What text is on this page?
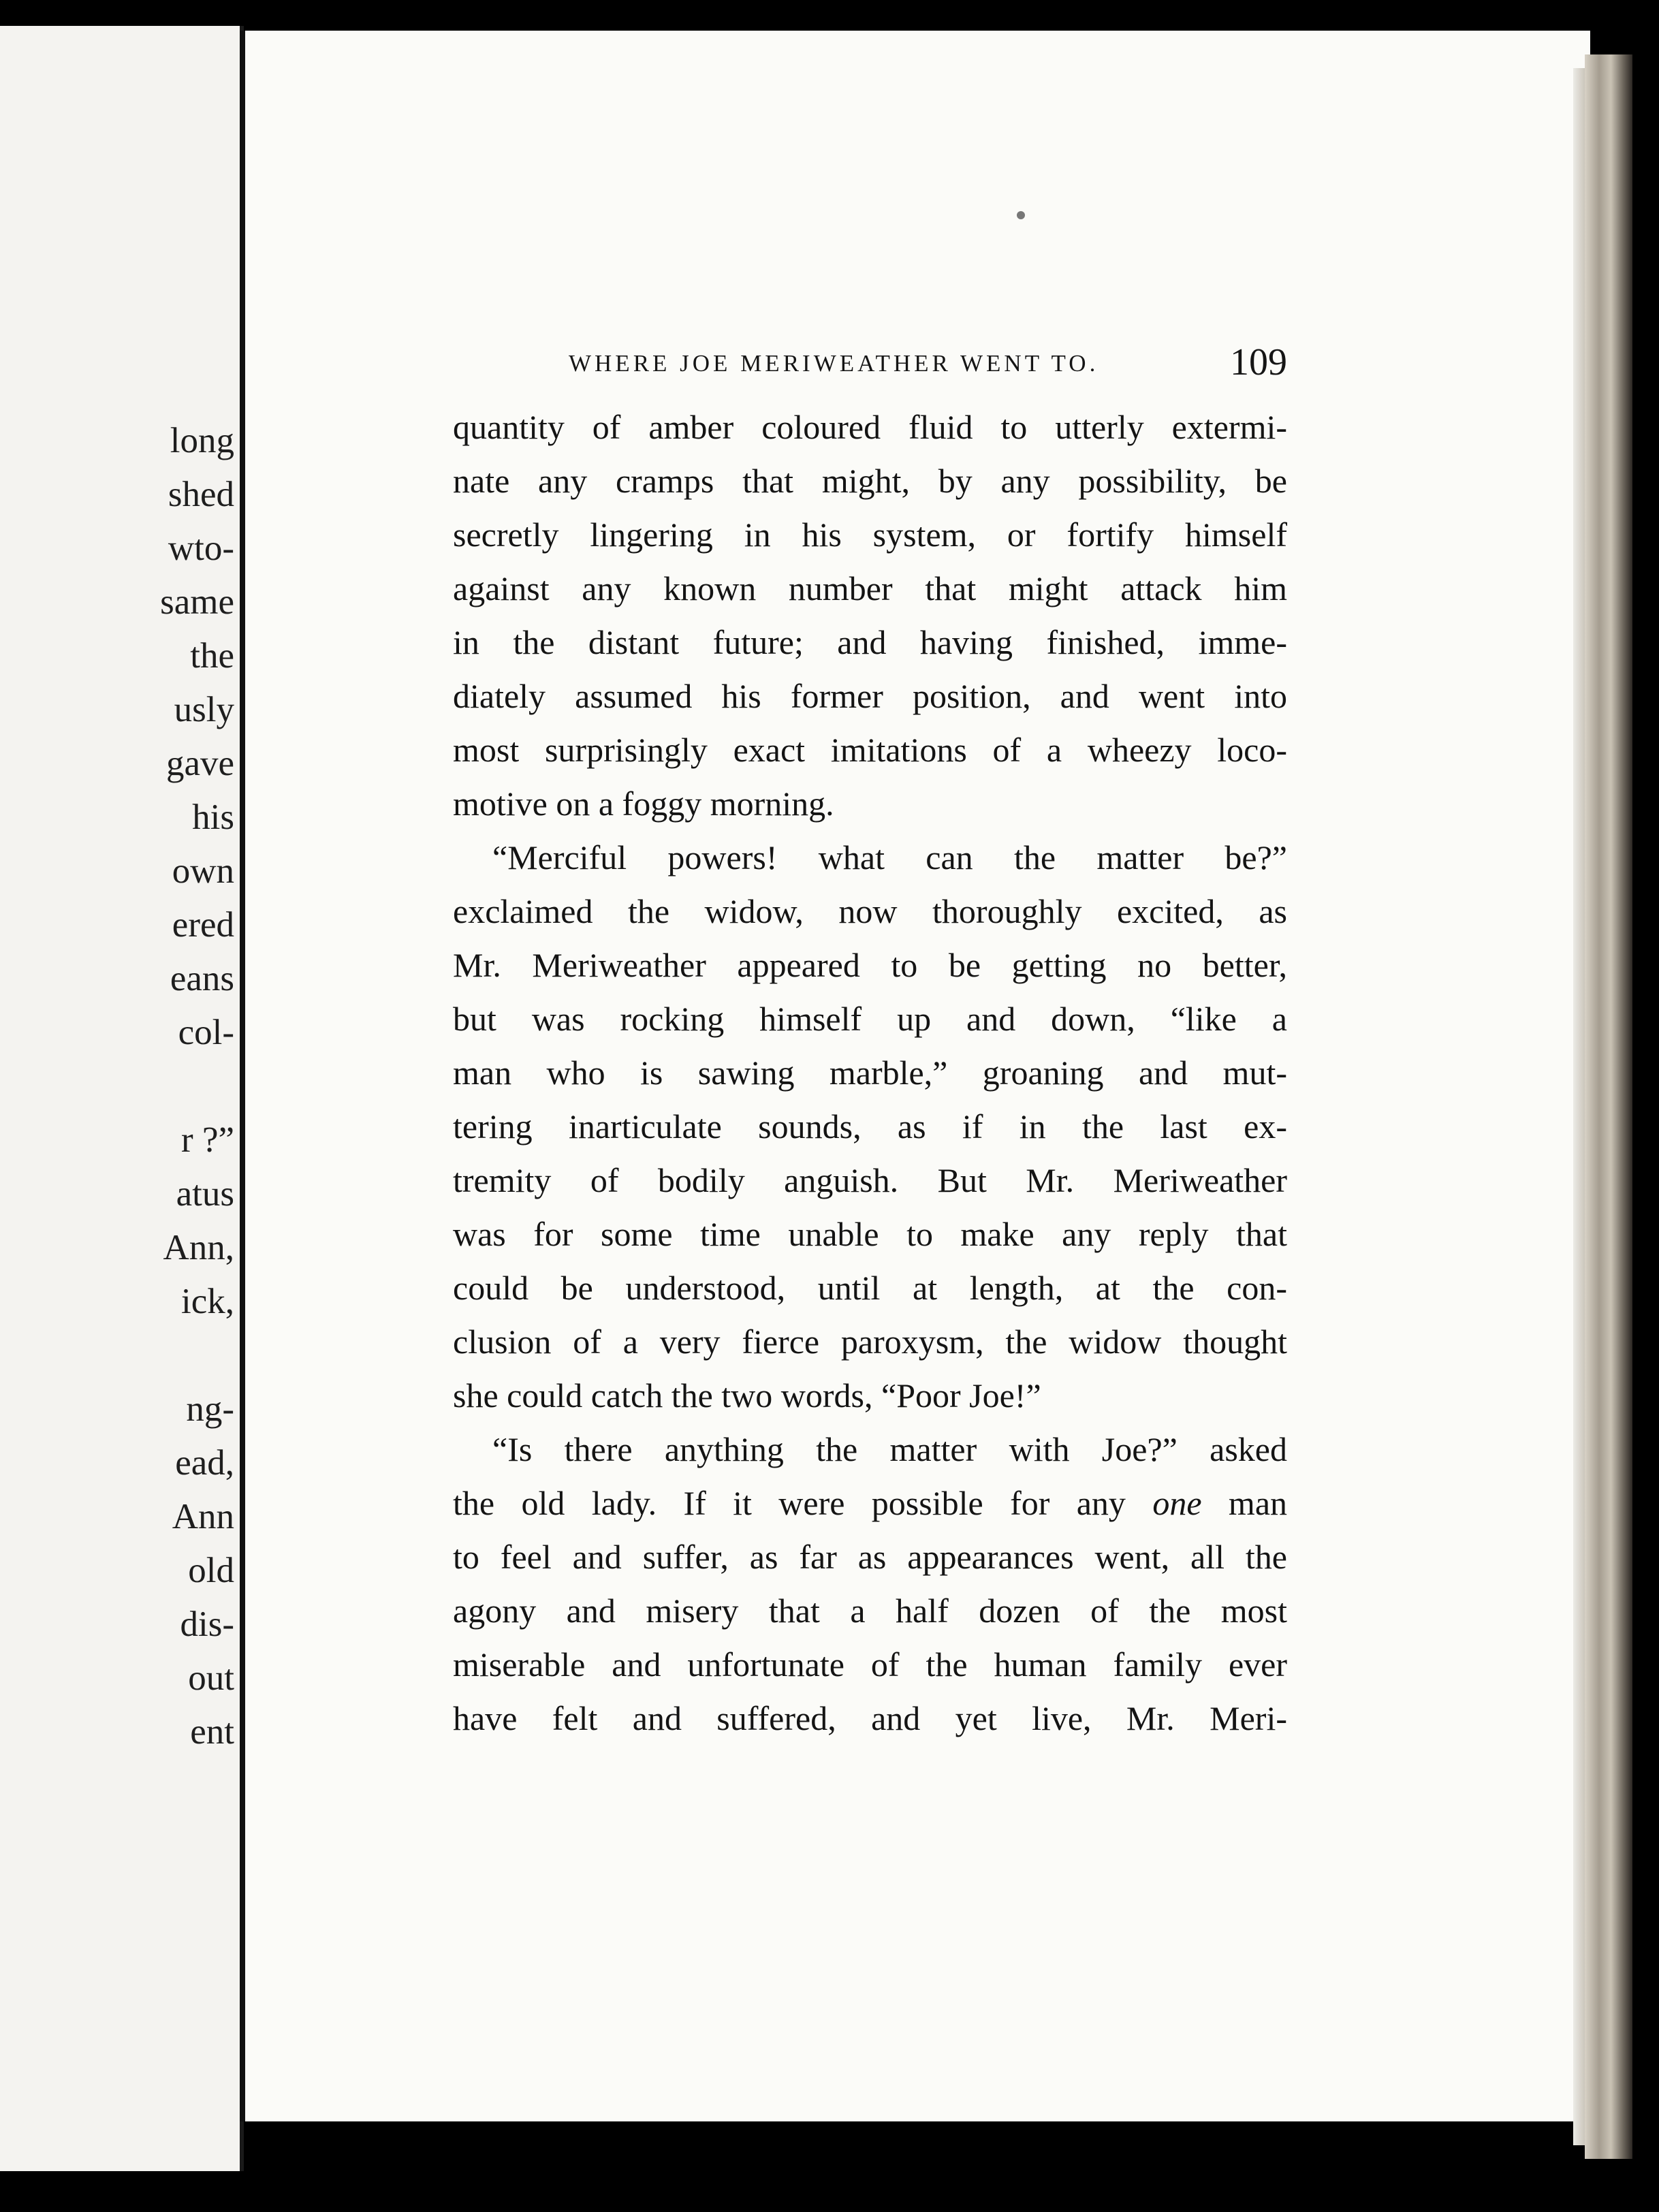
long
shed
wto-
same
the
usly
gave
his
own
ered
eans
col-
r ?”
atus
Ann,
ick,
ng-
ead,
Ann
old
dis-
out
ent
WHERE JOE MERIWEATHER WENT TO.	109
quantity of amber coloured fluid to utterly extermi-
nate any cramps that might, by any possibility, be
secretly lingering in his system, or fortify himself
against any known number that might attack him
in the distant future; and having finished, imme-
diately assumed his former position, and went into
most surprisingly exact imitations of a wheezy loco-
motive on a foggy morning.
“Merciful powers! what can the matter be?”
exclaimed the widow, now thoroughly excited, as
Mr. Meriweather appeared to be getting no better,
but was rocking himself up and down, “like a
man who is sawing marble,” groaning and mut-
tering inarticulate sounds, as if in the last ex-
tremity of bodily anguish. But Mr. Meriweather
was for some time unable to make any reply that
could be understood, until at length, at the con-
clusion of a very fierce paroxysm, the widow thought
she could catch the two words, “Poor Joe!”
“Is there anything the matter with Joe?” asked
the old lady. If it were possible for any one man
to feel and suffer, as far as appearances went, all the
agony and misery that a half dozen of the most
miserable and unfortunate of the human family ever
have felt and suffered, and yet live, Mr. Meri-
